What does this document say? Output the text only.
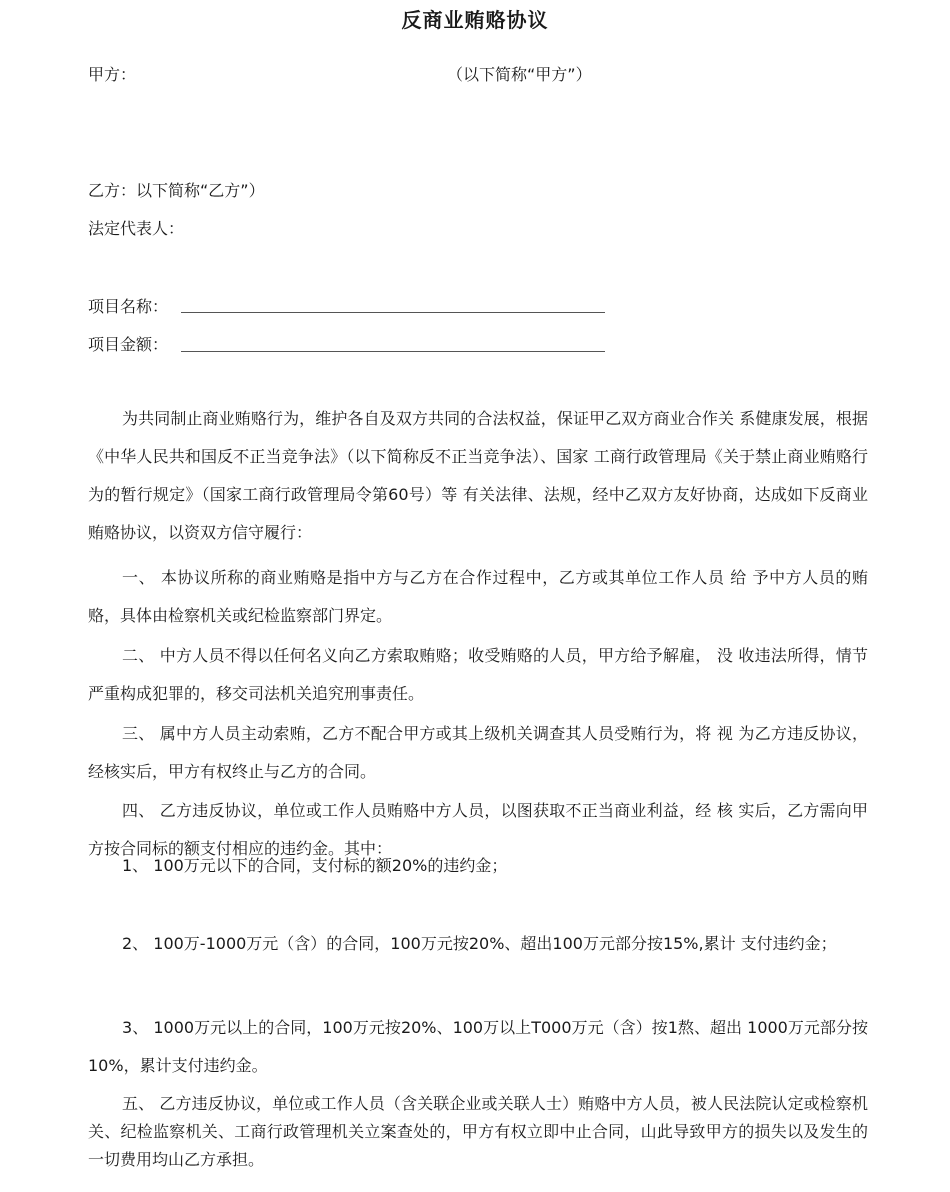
反商业贿赂协议
甲方：	（以下简称“甲方”）
乙方：以下简称“乙方”）
法定代表人：
项目名称：
项目金额：
为共同制止商业贿赂行为，维护各自及双方共同的合法权益，保证甲乙双方商业合作关 系健康发展，根据《中华人民共和国反不正当竞争法》（以下简称反不正当竞争法）、国家 工商行政管理局《关于禁止商业贿赂行为的暂行规定》（国家工商行政管理局令第60号）等 有关法律、法规，经中乙双方友好协商，达成如下反商业贿赂协议，以资双方信守履行：
一、 本协议所称的商业贿赂是指中方与乙方在合作过程中，乙方或其单位工作人员 给 予中方人员的贿赂，具体由检察机关或纪检监察部门界定。
二、 中方人员不得以任何名义向乙方索取贿赂；收受贿赂的人员，甲方给予解雇， 没 收违法所得，情节严重构成犯罪的，移交司法机关追究刑事责任。
三、 属中方人员主动索贿，乙方不配合甲方或其上级机关调查其人员受贿行为，将 视 为乙方违反协议，经核实后，甲方有权终止与乙方的合同。
四、 乙方违反协议，单位或工作人员贿赂中方人员，以图获取不正当商业利益，经 核 实后，乙方需向甲方按合同标的额支付相应的违约金。其中：
1、 100万元以下的合同，支付标的额20%的违约金；
2、 100万-1000万元（含）的合同，100万元按20%、超出100万元部分按15%,累计 支付违约金；
3、 1000万元以上的合同，100万元按20%、100万以上T000万元（含）按1熬、超出 1000万元部分按10%，累计支付违约金。
五、 乙方违反协议，单位或工作人员（含关联企业或关联人士）贿赂中方人员，被人民法院认定或检察机关、纪检监察机关、工商行政管理机关立案查处的，甲方有权立即中止合同，山此导致甲方的损失以及发生的一切费用均山乙方承担。
